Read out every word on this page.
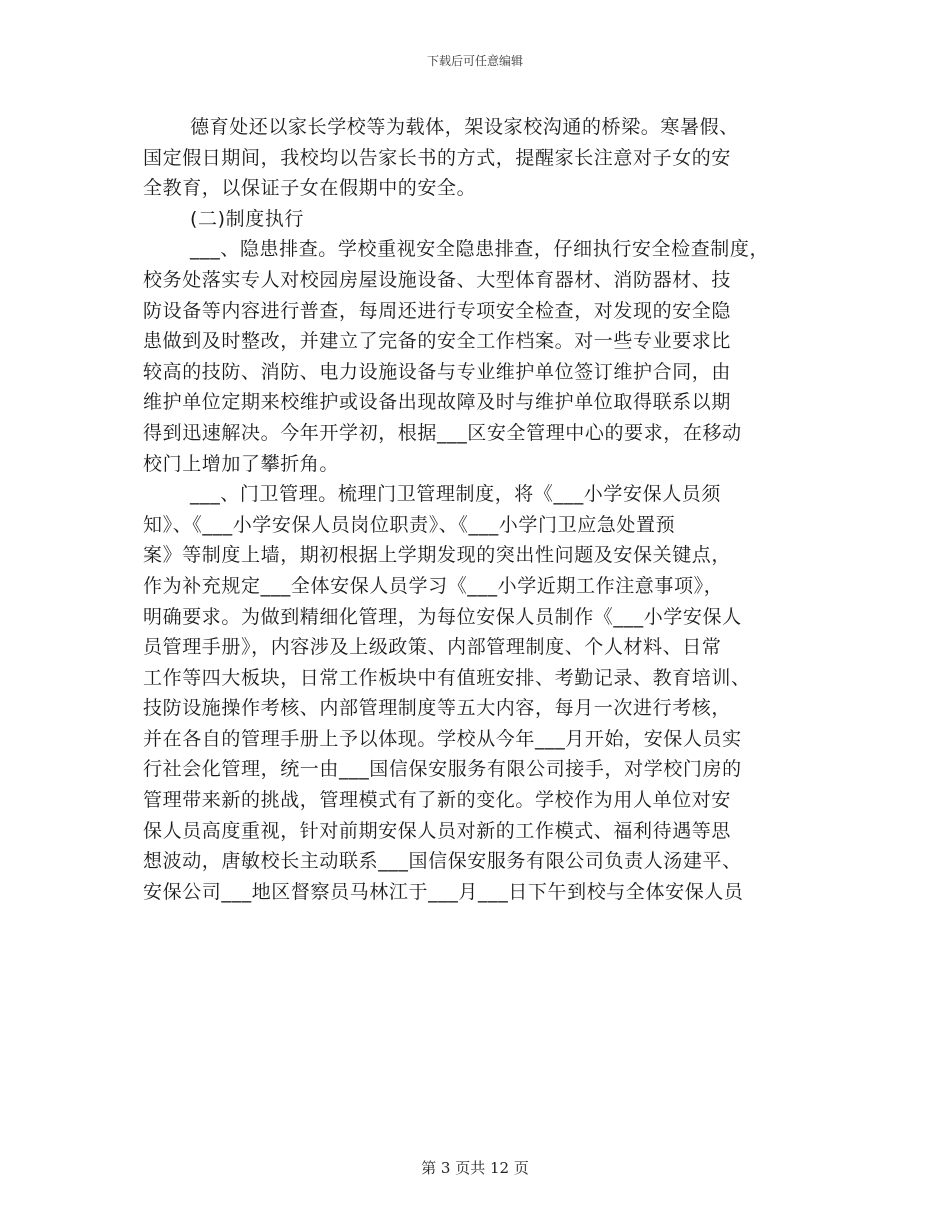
下载后可任意编辑
德育处还以家长学校等为载体，架设家校沟通的桥梁。寒暑假、
国定假日期间，我校均以告家长书的方式，提醒家长注意对子女的安
全教育，以保证子女在假期中的安全。
(二)制度执行
___、隐患排查。学校重视安全隐患排查，仔细执行安全检查制度，
校务处落实专人对校园房屋设施设备、大型体育器材、消防器材、技
防设备等内容进行普查，每周还进行专项安全检查，对发现的安全隐
患做到及时整改，并建立了完备的安全工作档案。对一些专业要求比
较高的技防、消防、电力设施设备与专业维护单位签订维护合同，由
维护单位定期来校维护或设备出现故障及时与维护单位取得联系以期
得到迅速解决。今年开学初，根据___区安全管理中心的要求，在移动
校门上增加了攀折角。
___、门卫管理。梳理门卫管理制度，将《___小学安保人员须
知》、《___小学安保人员岗位职责》、《___小学门卫应急处置预
案》等制度上墙，期初根据上学期发现的突出性问题及安保关键点，
作为补充规定___全体安保人员学习《___小学近期工作注意事项》，
明确要求。为做到精细化管理，为每位安保人员制作《___小学安保人
员管理手册》，内容涉及上级政策、内部管理制度、个人材料、日常
工作等四大板块，日常工作板块中有值班安排、考勤记录、教育培训、
技防设施操作考核、内部管理制度等五大内容，每月一次进行考核，
并在各自的管理手册上予以体现。学校从今年___月开始，安保人员实
行社会化管理，统一由___国信保安服务有限公司接手，对学校门房的
管理带来新的挑战，管理模式有了新的变化。学校作为用人单位对安
保人员高度重视，针对前期安保人员对新的工作模式、福利待遇等思
想波动，唐敏校长主动联系___国信保安服务有限公司负责人汤建平、
安保公司___地区督察员马林江于___月___日下午到校与全体安保人员
第 3 页共 12 页
